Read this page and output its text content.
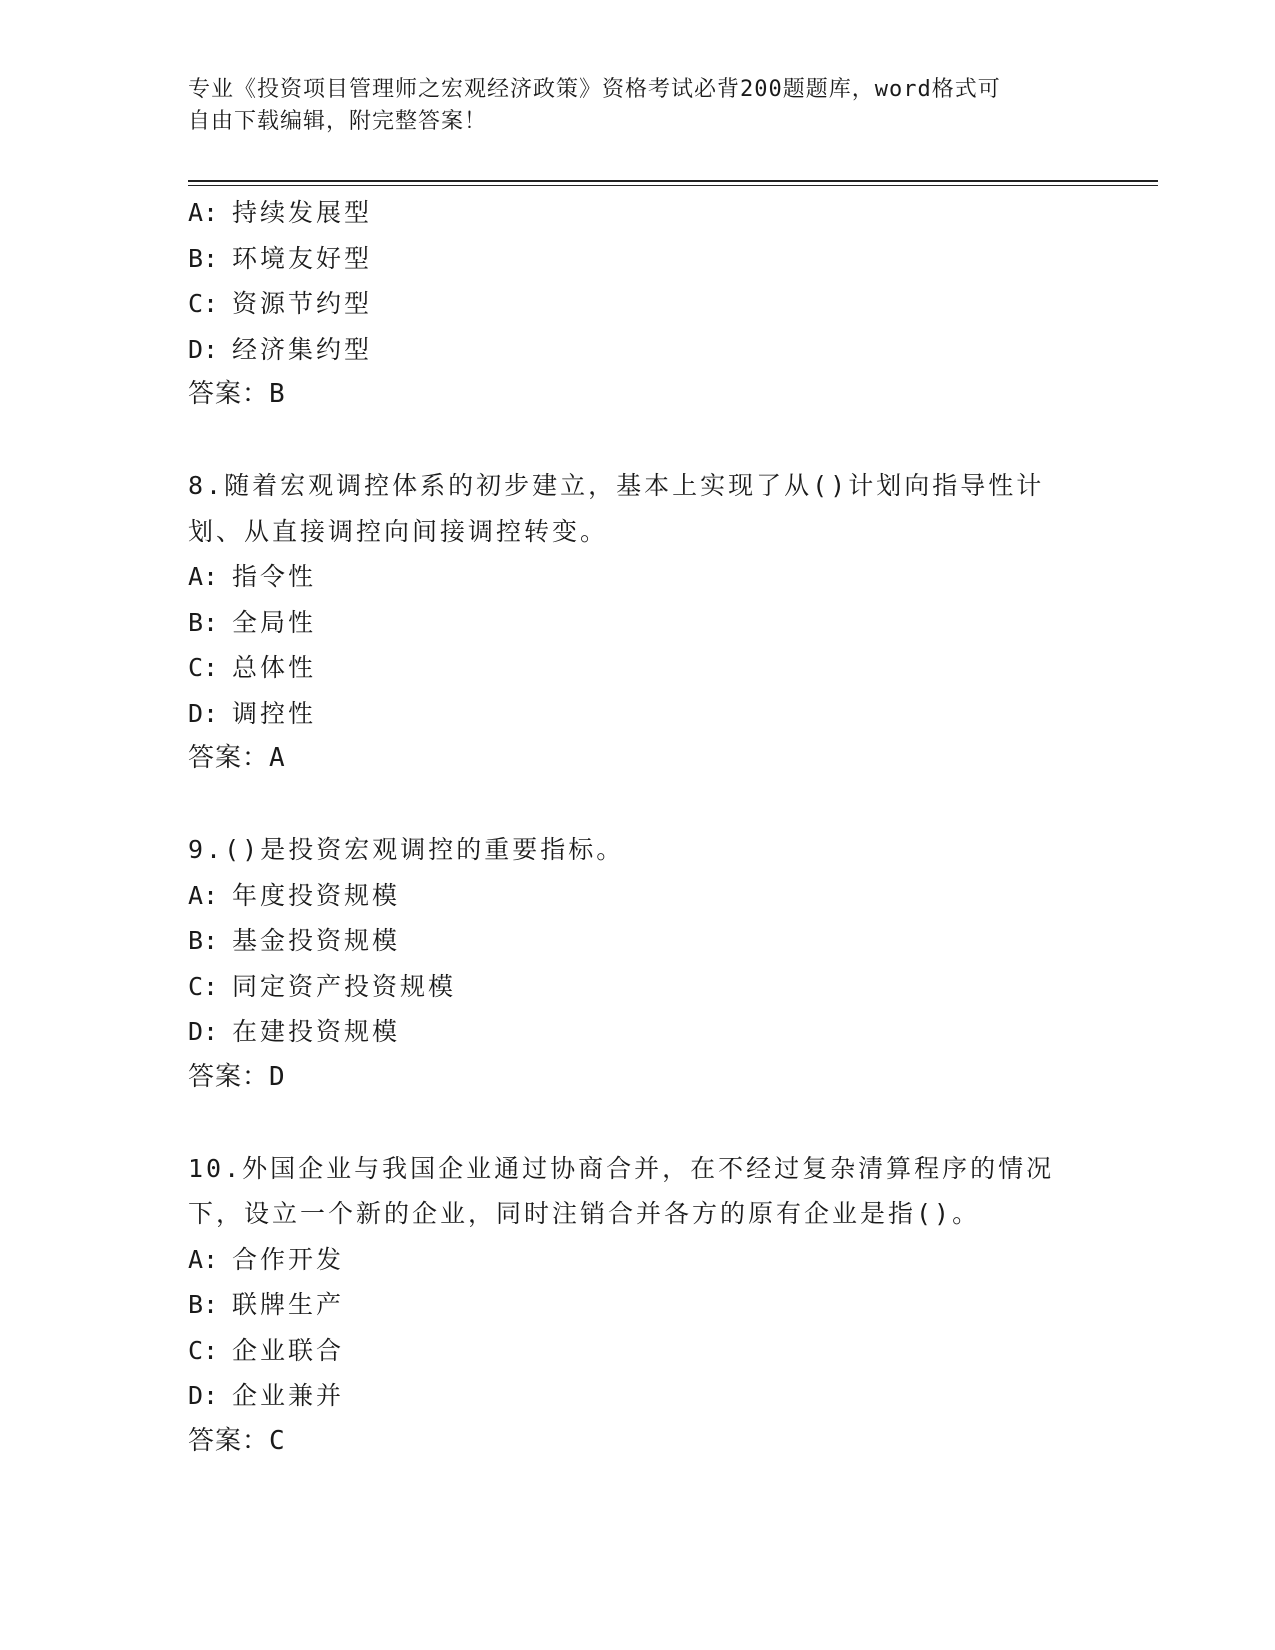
专业《投资项目管理师之宏观经济政策》资格考试必背200题题库，word格式可
自由下载编辑，附完整答案！
A: 持续发展型
B: 环境友好型
C: 资源节约型
D: 经济集约型
答案：B
8.随着宏观调控体系的初步建立，基本上实现了从()计划向指导性计
划、从直接调控向间接调控转变。
A: 指令性
B: 全局性
C: 总体性
D: 调控性
答案：A
9.()是投资宏观调控的重要指标。
A: 年度投资规模
B: 基金投资规模
C: 同定资产投资规模
D: 在建投资规模
答案：D
10.外国企业与我国企业通过协商合并，在不经过复杂清算程序的情况
下，设立一个新的企业，同时注销合并各方的原有企业是指()。
A: 合作开发
B: 联牌生产
C: 企业联合
D: 企业兼并
答案：C
